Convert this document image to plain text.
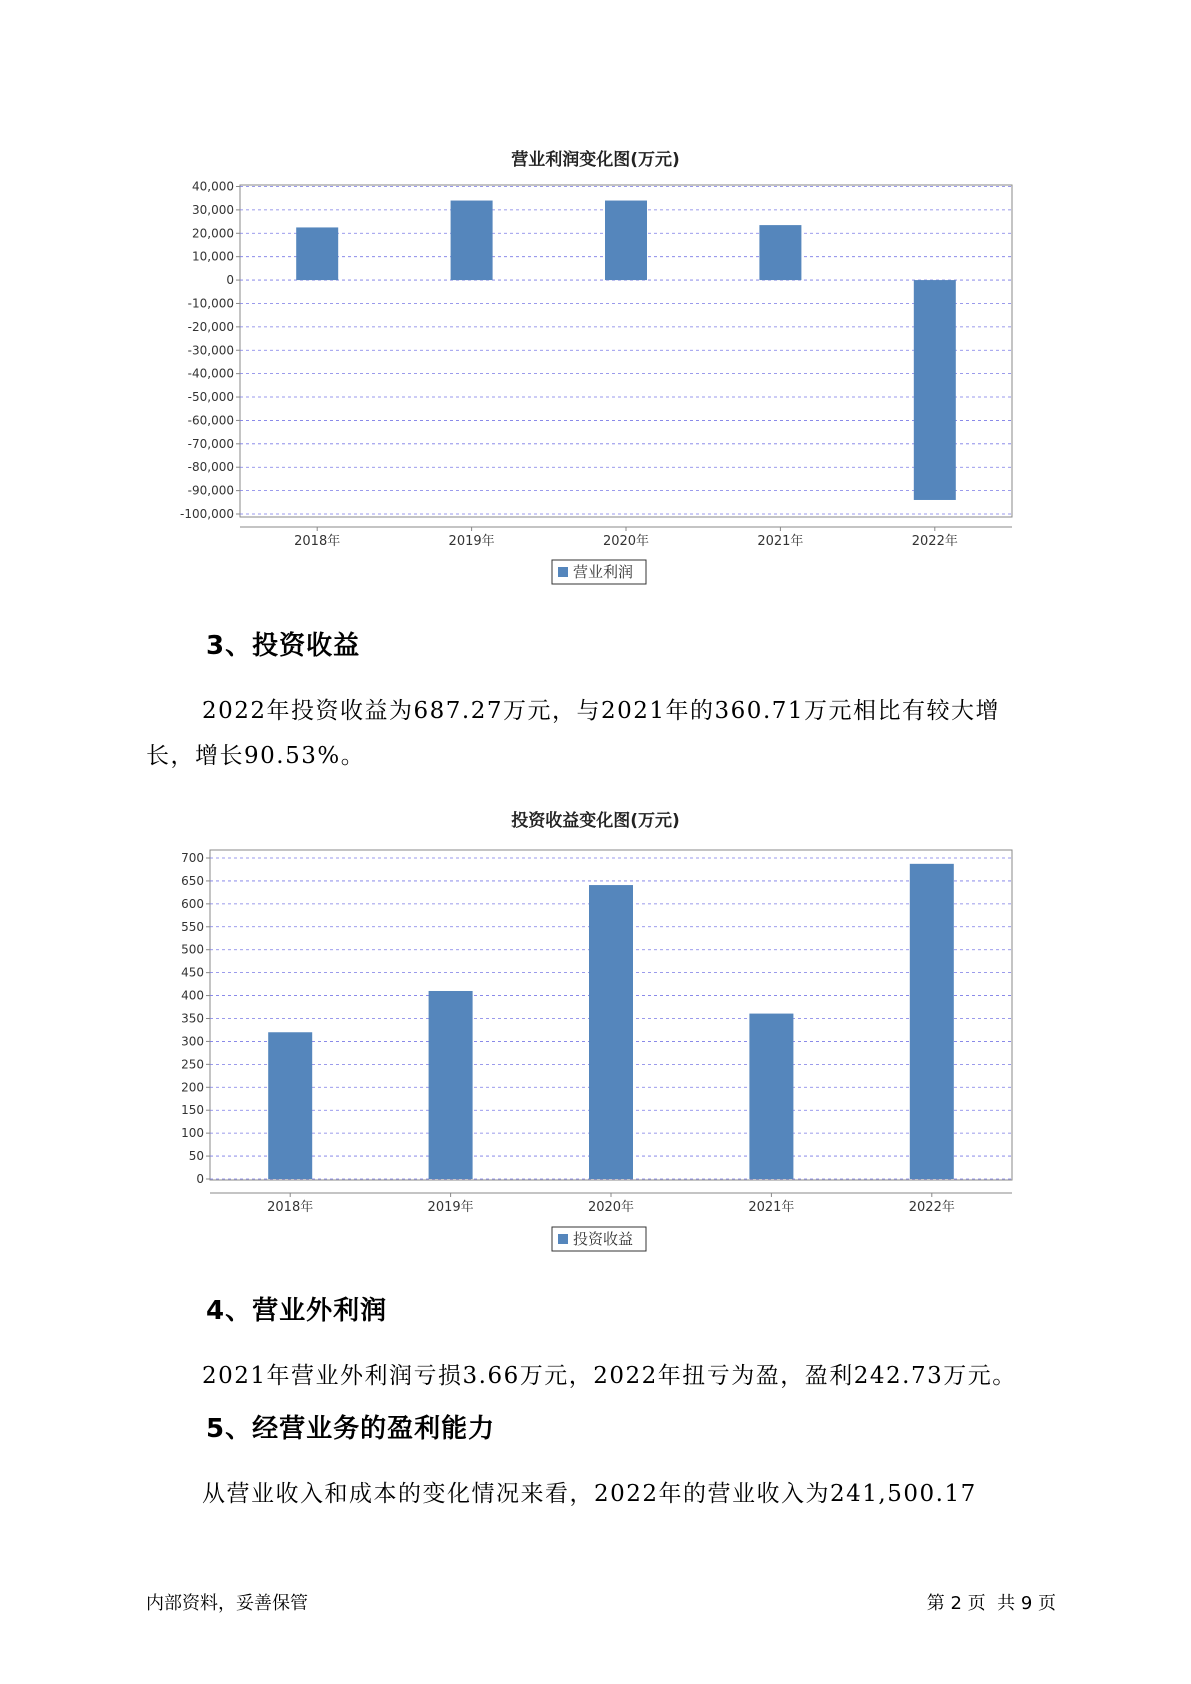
营业利润变化图(万元)
40,000
30,000
20,000
10,000
0
-10,000
-20,000
-30,000
-40,000
-50,000
-60,000
-70,000
-80,000
-90,000
-100,000
2018年	2019年	2020年	2021年	2022年
营业利润
3、投资收益
2022年投资收益为687.27万元，与2021年的360.71万元相比有较大增
长，增长90.53%。
投资收益变化图(万元)
700
650
600
550
500
450
400
350
300
250
200
150
100
50
0
2018年	2019年	2020年	2021年	2022年
投资收益
4、营业外利润
2021年营业外利润亏损3.66万元，2022年扭亏为盈，盈利242.73万元。
5、经营业务的盈利能力
从营业收入和成本的变化情况来看，2022年的营业收入为241,500.17
内部资料，妥善保管	第 2 页  共 9 页
